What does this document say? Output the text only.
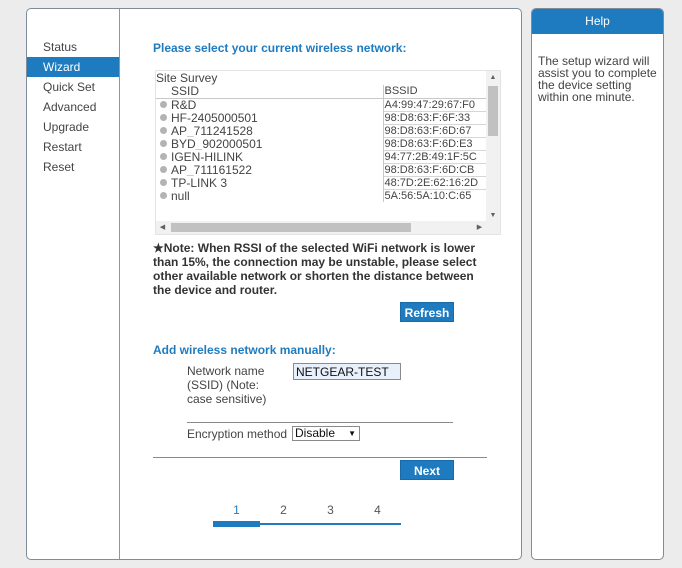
Status
Wizard
Quick Set
Advanced
Upgrade
Restart
Reset
Please select your current wireless network:
Site Survey
SSID	BSSID
R&D	A4:99:47:29:67:F0
HF-2405000501	98:D8:63:F:6F:33
AP_711241528	98:D8:63:F:6D:67
BYD_902000501	98:D8:63:F:6D:E3
IGEN-HILINK	94:77:2B:49:1F:5C
AP_711161522	98:D8:63:F:6D:CB
TP-LINK 3	48:7D:2E:62:16:2D
null	5A:56:5A:10:C:65
▲
▼
◀	▶
★Note: When RSSI of the selected WiFi network is lower than 15%, the connection may be unstable, please select other available network or shorten the distance between the device and router.
Refresh
Add wireless network manually:
Network name (SSID) (Note: case sensitive)
NETGEAR-TEST
Encryption method Disable ▼
Next
1	2	3	4
Help
The setup wizard will assist you to complete the device setting within one minute.
